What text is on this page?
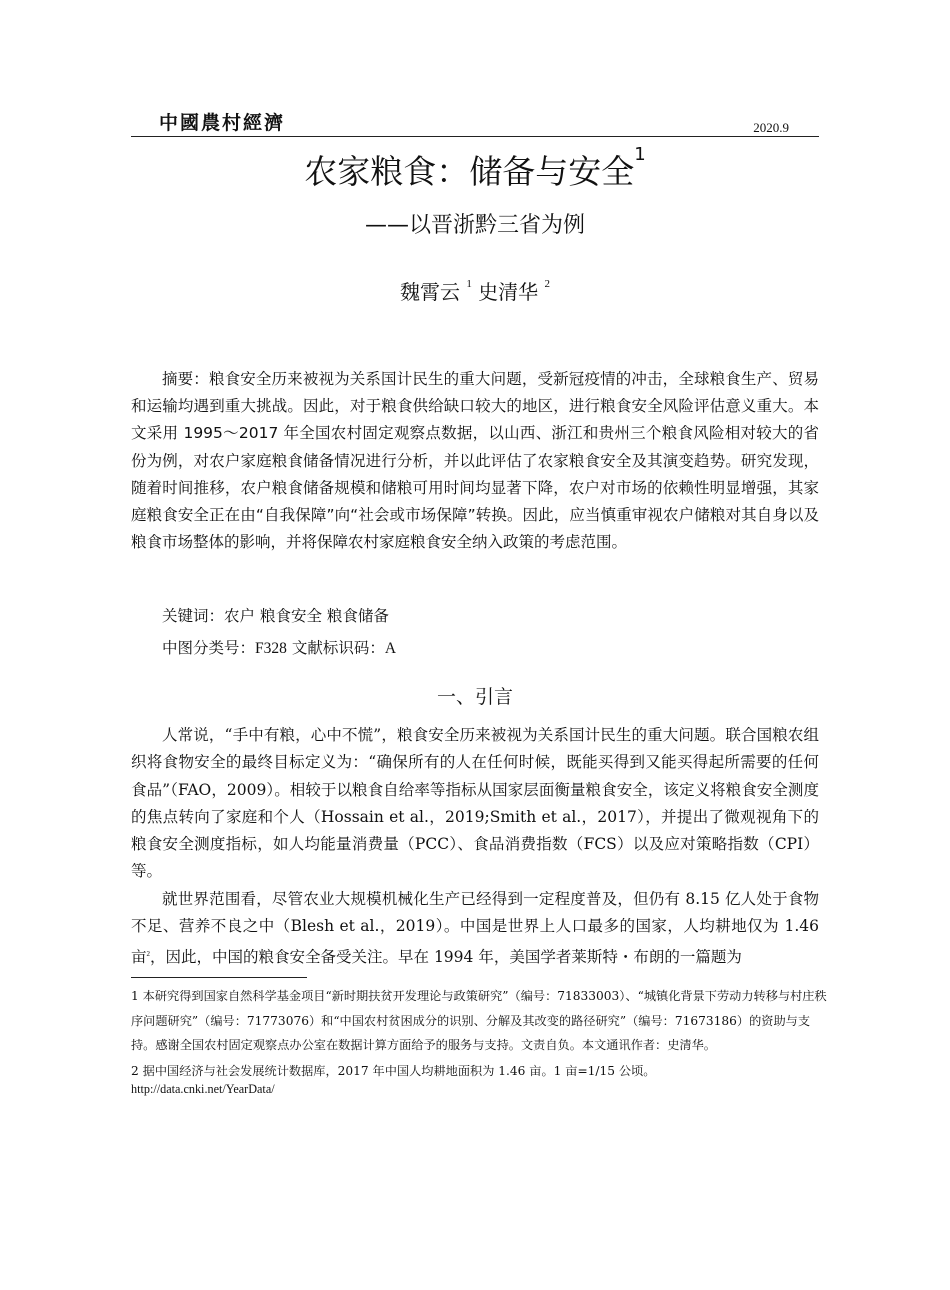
中國農村經濟	2020.9
农家粮食：储备与安全$^1$
——以晋浙黔三省为例
魏霄云 $^1$ 史清华 $^2$
摘要：粮食安全历来被视为关系国计民生的重大问题，受新冠疫情的冲击，全球粮食生产、贸易和运输均遇到重大挑战。因此，对于粮食供给缺口较大的地区，进行粮食安全风险评估意义重大。本文采用 1995～2017 年全国农村固定观察点数据，以山西、浙江和贵州三个粮食风险相对较大的省份为例，对农户家庭粮食储备情况进行分析，并以此评估了农家粮食安全及其演变趋势。研究发现，随着时间推移，农户粮食储备规模和储粮可用时间均显著下降，农户对市场的依赖性明显增强，其家庭粮食安全正在由“自我保障”向“社会或市场保障”转换。因此，应当慎重审视农户储粮对其自身以及粮食市场整体的影响，并将保障农村家庭粮食安全纳入政策的考虑范围。
关键词：农户 粮食安全 粮食储备
中图分类号：F328 文献标识码：A
一、引言
人常说，“手中有粮，心中不慌”，粮食安全历来被视为关系国计民生的重大问题。联合国粮农组织将食物安全的最终目标定义为：“确保所有的人在任何时候，既能买得到又能买得起所需要的任何食品”（FAO，2009）。相较于以粮食自给率等指标从国家层面衡量粮食安全，该定义将粮食安全测度的焦点转向了家庭和个人（Hossain et al.，2019;Smith et al.，2017），并提出了微观视角下的粮食安全测度指标，如人均能量消费量（PCC）、食品消费指数（FCS）以及应对策略指数（CPI）等。
就世界范围看，尽管农业大规模机械化生产已经得到一定程度普及，但仍有 8.15 亿人处于食物不足、营养不良之中（Blesh et al.，2019）。中国是世界上人口最多的国家，人均耕地仅为 1.46 亩$^2$，因此，中国的粮食安全备受关注。早在 1994 年，美国学者莱斯特・布朗的一篇题为
1 本研究得到国家自然科学基金项目“新时期扶贫开发理论与政策研究”（编号：71833003）、“城镇化背景下劳动力转移与村庄秩序问题研究”（编号：71773076）和“中国农村贫困成分的识别、分解及其改变的路径研究”（编号：71673186）的资助与支持。感谢全国农村固定观察点办公室在数据计算方面给予的服务与支持。文责自负。本文通讯作者：史清华。
2 据中国经济与社会发展统计数据库，2017 年中国人均耕地面积为 1.46 亩。1 亩=1/15 公顷。
http://data.cnki.net/YearData/
